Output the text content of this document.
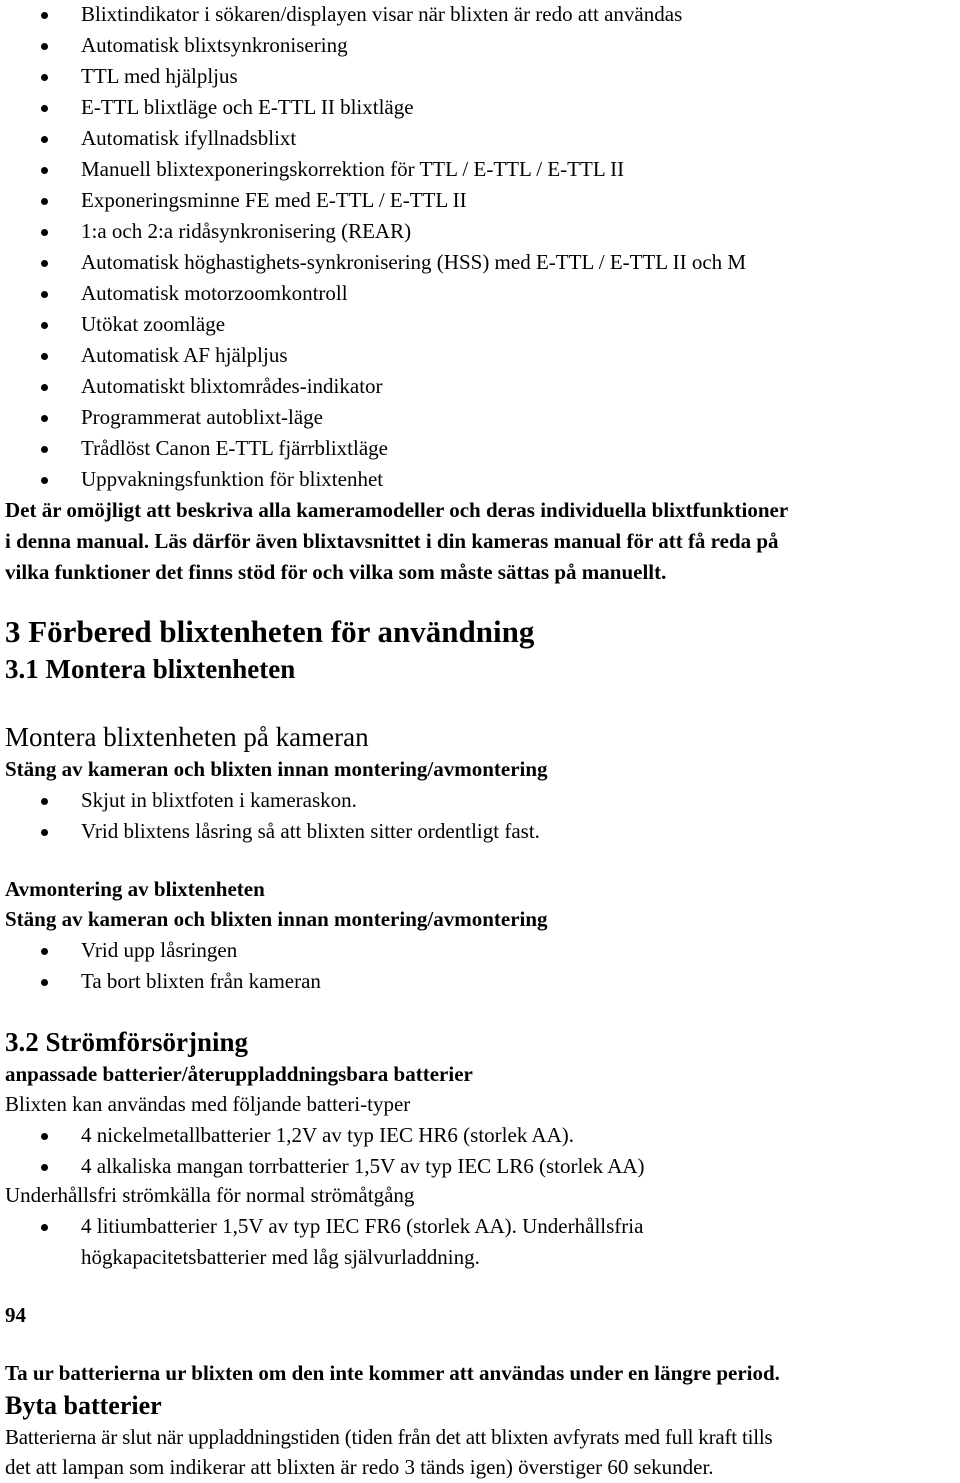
Blixtindikator i sökaren/displayen visar när blixten är redo att användas
Automatisk blixtsynkronisering
TTL med hjälpljus
E-TTL blixtläge och E-TTL II blixtläge
Automatisk ifyllnadsblixt
Manuell blixtexponeringskorrektion för TTL / E-TTL / E-TTL II
Exponeringsminne FE med E-TTL / E-TTL II
1:a och 2:a ridåsynkronisering (REAR)
Automatisk höghastighets-synkronisering (HSS) med E-TTL / E-TTL II och M
Automatisk motorzoomkontroll
Utökat zoomläge
Automatisk AF hjälpljus
Automatiskt blixtområdes-indikator
Programmerat autoblixt-läge
Trådlöst Canon E-TTL fjärrblixtläge
Uppvakningsfunktion för blixtenhet
Det är omöjligt att beskriva alla kameramodeller och deras individuella blixtfunktioner
i denna manual. Läs därför även blixtavsnittet i din kameras manual för att få reda på
vilka funktioner det finns stöd för och vilka som måste sättas på manuellt.
3 Förbered blixtenheten för användning
3.1 Montera blixtenheten
Montera blixtenheten på kameran
Stäng av kameran och blixten innan montering/avmontering
Skjut in blixtfoten i kameraskon.
Vrid blixtens låsring så att blixten sitter ordentligt fast.
Avmontering av blixtenheten
Stäng av kameran och blixten innan montering/avmontering
Vrid upp låsringen
Ta bort blixten från kameran
3.2 Strömförsörjning
anpassade batterier/återuppladdningsbara batterier
Blixten kan användas med följande batteri-typer
4 nickelmetallbatterier 1,2V av typ IEC HR6 (storlek AA).
4 alkaliska mangan torrbatterier 1,5V av typ IEC LR6 (storlek AA)
Underhållsfri strömkälla för normal strömåtgång
4 litiumbatterier 1,5V av typ IEC FR6 (storlek AA). Underhållsfria
högkapacitetsbatterier med låg självurladdning.
94
Ta ur batterierna ur blixten om den inte kommer att användas under en längre period.
Byta batterier
Batterierna är slut när uppladdningstiden (tiden från det att blixten avfyrats med full kraft tills
det att lampan som indikerar att blixten är redo 3 tänds igen) överstiger 60 sekunder.
